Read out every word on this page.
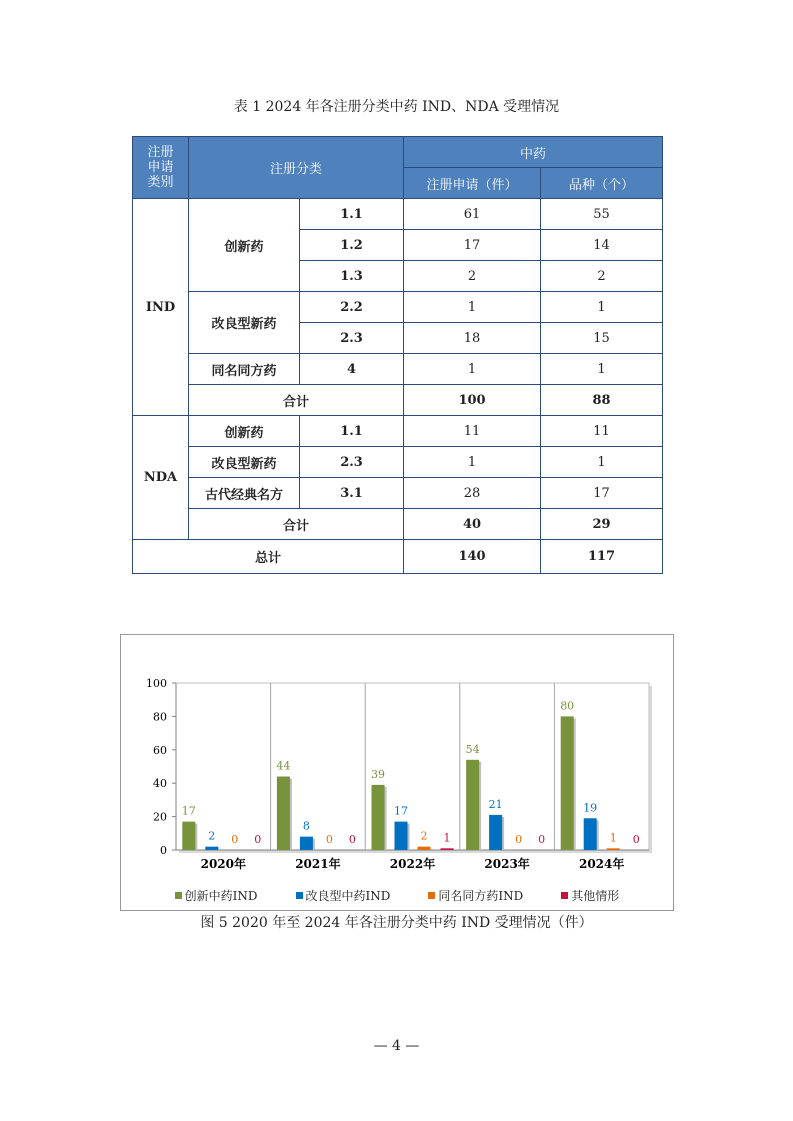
表 1 2024 年各注册分类中药 IND、NDA 受理情况
注册申请类别	注册分类		中药	
			注册申请（件）	品种（个）
IND	创新药	1.1	61	55
		1.2	17	14
		1.3	2	2
	改良型新药	2.2	1	1
		2.3	18	15
	同名同方药	4	1	1
	合计		100	88
NDA	创新药	1.1	11	11
	改良型新药	2.3	1	1
	古代经典名方	3.1	28	17
	合计		40	29
总计			140	117
0
20
40
60
80
100
17
2 0 0
2020年
44
8
0 0
2021年
39
17
2 1
2022年
54
21
0 0
2023年
80
19
1 0
2024年
创新中药IND	改良型中药IND	同名同方药IND	其他情形
图 5 2020 年至 2024 年各注册分类中药 IND 受理情况（件）
— 4 —
